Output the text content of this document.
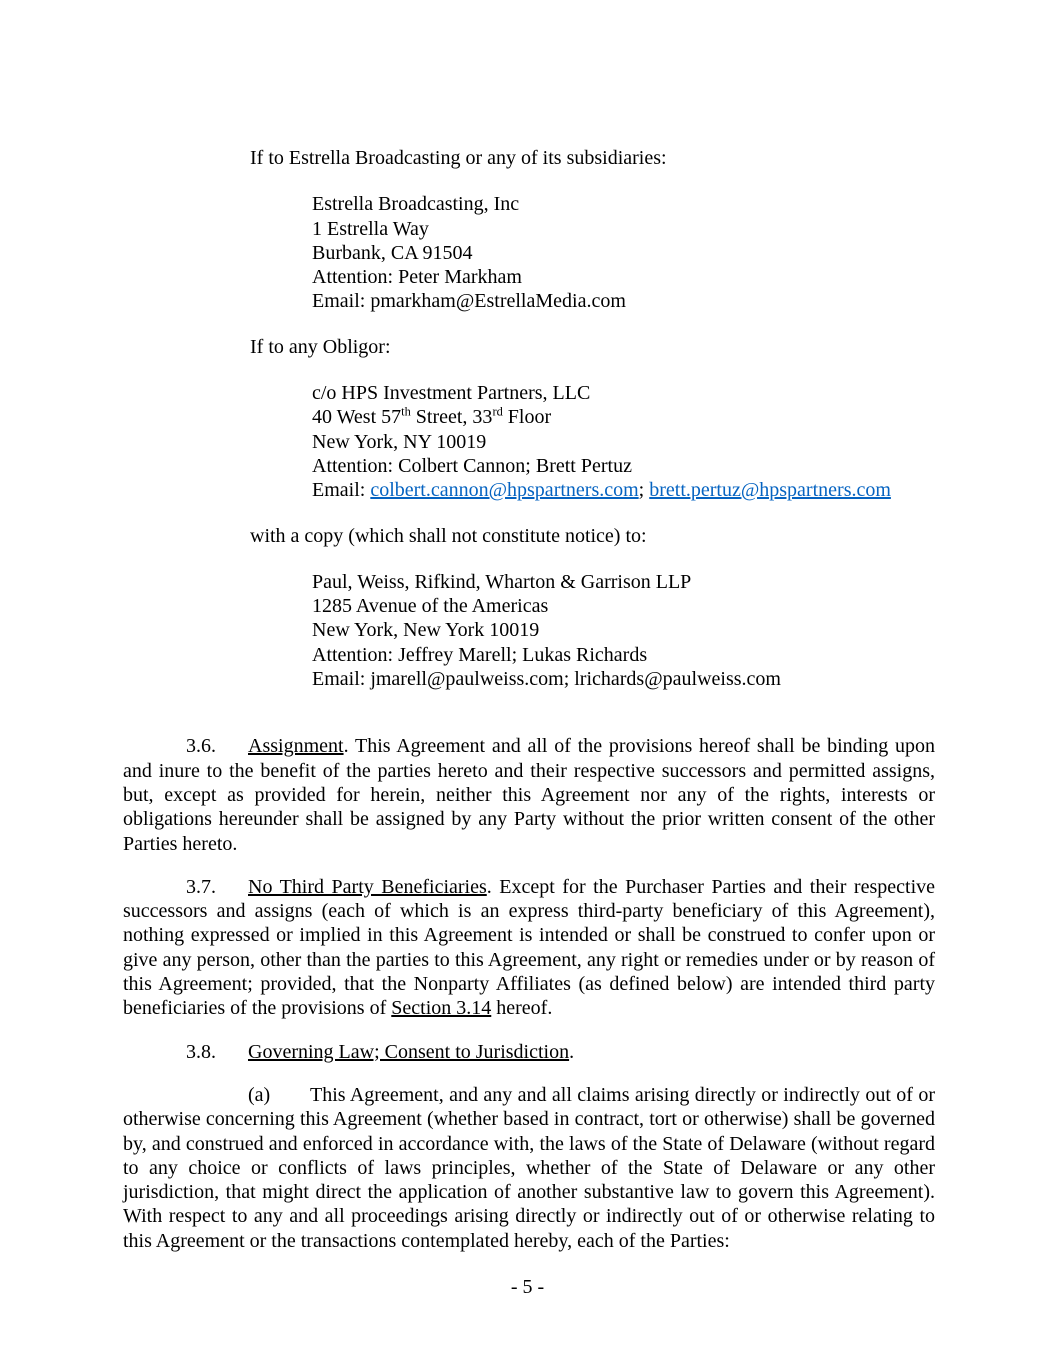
If to Estrella Broadcasting or any of its subsidiaries:

Estrella Broadcasting, Inc
1 Estrella Way
Burbank, CA 91504
Attention: Peter Markham
Email: pmarkham@EstrellaMedia.com

If to any Obligor:

c/o HPS Investment Partners, LLC
40 West 57th Street, 33rd Floor
New York, NY 10019
Attention: Colbert Cannon; Brett Pertuz
Email: colbert.cannon@hpspartners.com; brett.pertuz@hpspartners.com

with a copy (which shall not constitute notice) to:

Paul, Weiss, Rifkind, Wharton & Garrison LLP
1285 Avenue of the Americas
New York, New York 10019
Attention: Jeffrey Marell; Lukas Richards
Email: jmarell@paulweiss.com; lrichards@paulweiss.com

3.6. Assignment. This Agreement and all of the provisions hereof shall be binding upon and inure to the benefit of the parties hereto and their respective successors and permitted assigns, but, except as provided for herein, neither this Agreement nor any of the rights, interests or obligations hereunder shall be assigned by any Party without the prior written consent of the other Parties hereto.

3.7. No Third Party Beneficiaries. Except for the Purchaser Parties and their respective successors and assigns (each of which is an express third-party beneficiary of this Agreement), nothing expressed or implied in this Agreement is intended or shall be construed to confer upon or give any person, other than the parties to this Agreement, any right or remedies under or by reason of this Agreement; provided, that the Nonparty Affiliates (as defined below) are intended third party beneficiaries of the provisions of Section 3.14 hereof.

3.8. Governing Law; Consent to Jurisdiction.

(a) This Agreement, and any and all claims arising directly or indirectly out of or otherwise concerning this Agreement (whether based in contract, tort or otherwise) shall be governed by, and construed and enforced in accordance with, the laws of the State of Delaware (without regard to any choice or conflicts of laws principles, whether of the State of Delaware or any other jurisdiction, that might direct the application of another substantive law to govern this Agreement). With respect to any and all proceedings arising directly or indirectly out of or otherwise relating to this Agreement or the transactions contemplated hereby, each of the Parties:

- 5 -
